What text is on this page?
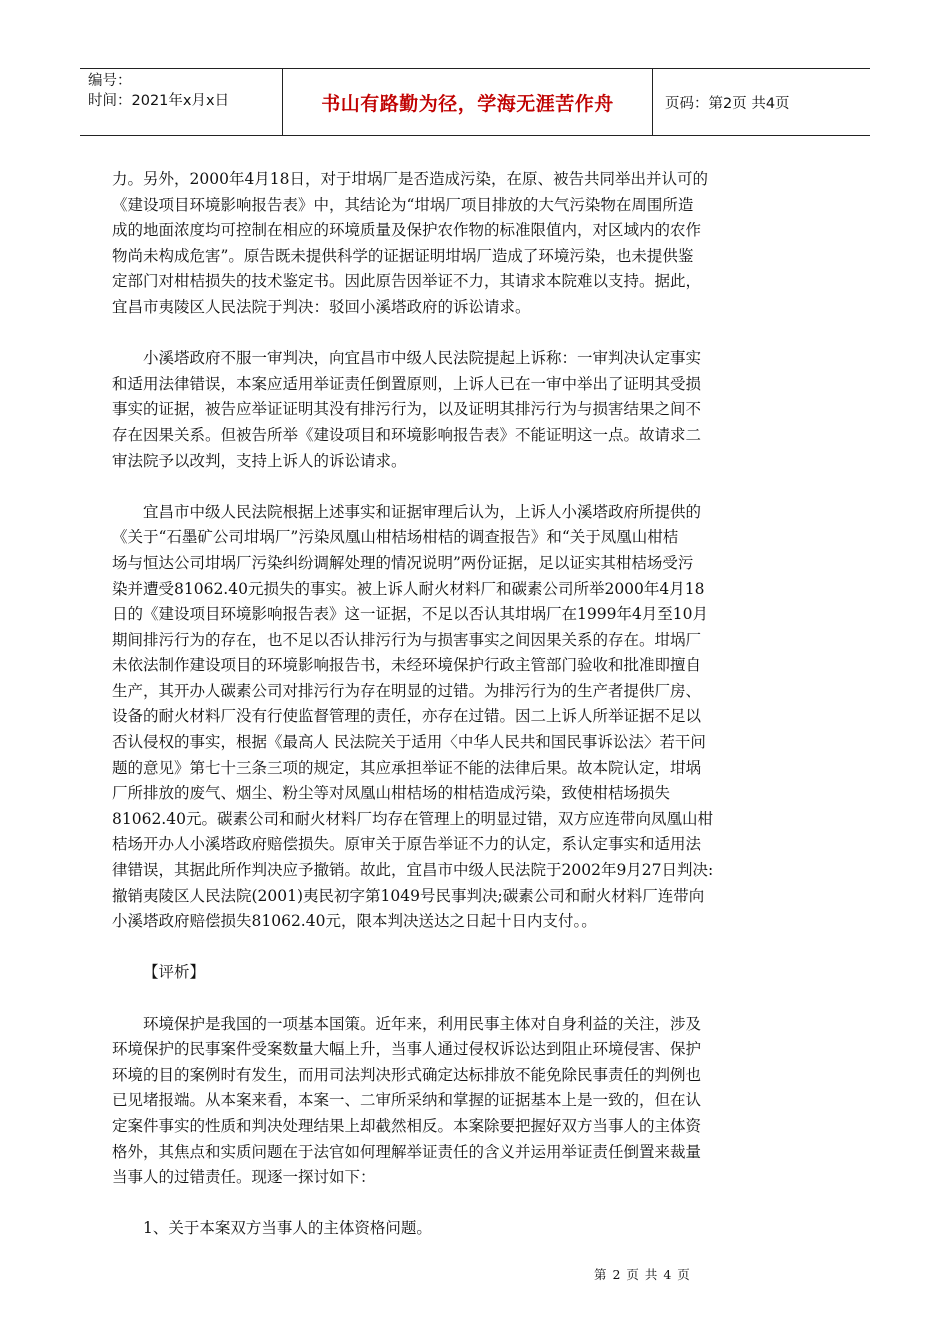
编号：
时间：2021年x月x日	书山有路勤为径，学海无涯苦作舟	页码：第2页 共4页
力。另外，2000年4月18日，对于坩埚厂是否造成污染，在原、被告共同举出并认可的
《建设项目环境影响报告表》中，其结论为“坩埚厂项目排放的大气污染物在周围所造
成的地面浓度均可控制在相应的环境质量及保护农作物的标准限值内，对区域内的农作
物尚未构成危害”。原告既未提供科学的证据证明坩埚厂造成了环境污染，也未提供鉴
定部门对柑桔损失的技术鉴定书。因此原告因举证不力，其请求本院难以支持。据此，
宜昌市夷陵区人民法院于判决：驳回小溪塔政府的诉讼请求。
小溪塔政府不服一审判决，向宜昌市中级人民法院提起上诉称：一审判决认定事实
和适用法律错误，本案应适用举证责任倒置原则，上诉人已在一审中举出了证明其受损
事实的证据，被告应举证证明其没有排污行为，以及证明其排污行为与损害结果之间不
存在因果关系。但被告所举《建设项目和环境影响报告表》不能证明这一点。故请求二
审法院予以改判，支持上诉人的诉讼请求。
宜昌市中级人民法院根据上述事实和证据审理后认为，上诉人小溪塔政府所提供的
《关于“石墨矿公司坩埚厂”污染凤凰山柑桔场柑桔的调查报告》和“关于凤凰山柑桔
场与恒达公司坩埚厂污染纠纷调解处理的情况说明”两份证据，足以证实其柑桔场受污
染并遭受81062.40元损失的事实。被上诉人耐火材料厂和碳素公司所举2000年4月18
日的《建设项目环境影响报告表》这一证据，不足以否认其坩埚厂在1999年4月至10月
期间排污行为的存在，也不足以否认排污行为与损害事实之间因果关系的存在。坩埚厂
未依法制作建设项目的环境影响报告书，未经环境保护行政主管部门验收和批准即擅自
生产，其开办人碳素公司对排污行为存在明显的过错。为排污行为的生产者提供厂房、
设备的耐火材料厂没有行使监督管理的责任，亦存在过错。因二上诉人所举证据不足以
否认侵权的事实，根据《最高人 民法院关于适用〈中华人民共和国民事诉讼法〉若干问
题的意见》第七十三条三项的规定，其应承担举证不能的法律后果。故本院认定，坩埚
厂所排放的废气、烟尘、粉尘等对凤凰山柑桔场的柑桔造成污染，致使柑桔场损失
81062.40元。碳素公司和耐火材料厂均存在管理上的明显过错，双方应连带向凤凰山柑
桔场开办人小溪塔政府赔偿损失。原审关于原告举证不力的认定，系认定事实和适用法
律错误，其据此所作判决应予撤销。故此，宜昌市中级人民法院于2002年9月27日判决:
撤销夷陵区人民法院(2001)夷民初字第1049号民事判决;碳素公司和耐火材料厂连带向
小溪塔政府赔偿损失81062.40元，限本判决送达之日起十日内支付。。
【评析】
环境保护是我国的一项基本国策。近年来，利用民事主体对自身利益的关注，涉及
环境保护的民事案件受案数量大幅上升，当事人通过侵权诉讼达到阻止环境侵害、保护
环境的目的案例时有发生，而用司法判决形式确定达标排放不能免除民事责任的判例也
已见堵报端。从本案来看，本案一、二审所采纳和掌握的证据基本上是一致的，但在认
定案件事实的性质和判决处理结果上却截然相反。本案除要把握好双方当事人的主体资
格外，其焦点和实质问题在于法官如何理解举证责任的含义并运用举证责任倒置来裁量
当事人的过错责任。现逐一探讨如下：
1、关于本案双方当事人的主体资格问题。
第 2 页 共 4 页
